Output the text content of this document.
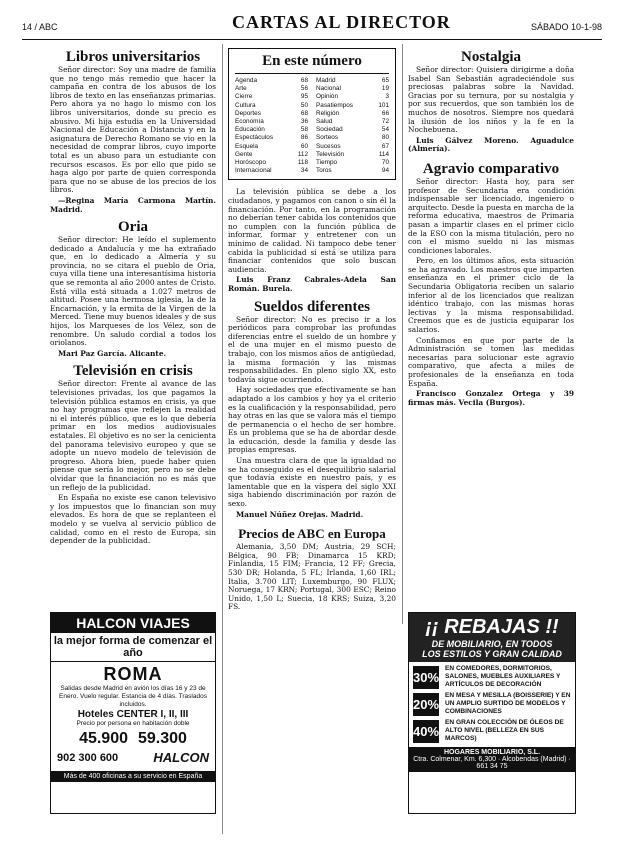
14 / ABC	CARTAS AL DIRECTOR	SÁBADO 10-1-98
Libros universitarios

Señor director: Soy una madre de familia que no tengo más remedio que hacer la campaña en contra de los abusos de los libros de texto en las enseñanzas primarias. Pero ahora ya no hago lo mismo con los libros universitarios, donde su precio es abusivo. Mi hija estudia en la Universidad Nacional de Educación a Distancia y en la asignatura de Derecho Romano se vio en la necesidad de comprar libros, cuyo importe total es un abuso para un estudiante con recursos escasos. Es por ello que pido se haga algo por parte de quien corresponda para que no se abuse de los precios de los libros.

—Regina María Carmona Martín. Madrid.

Oria

Señor director: He leído el suplemento dedicado a Andalucía y me ha extrañado que, en lo dedicado a Almería y su provincia, no se citara el pueblo de Oria, cuya villa tiene una interesantísima historia que se remonta al año 2000 antes de Cristo. Está villa está situada a 1.027 metros de altitud. Posee una hermosa iglesia, la de la Encarnación, y la ermita de la Virgen de la Merced. Tiene muy buenos ideales y de sus hijos, los Marqueses de los Vélez, son de renombre. Un saludo cordial a todos los oriolanos.

Mari Paz García. Alicante.

Televisión en crisis

Señor director: Frente al avance de las televisiones privadas, los que pagamos la televisión pública estamos en crisis, ya que no hay programas que reflejen la realidad ni el interés público, que es lo que debería primar en los medios audiovisuales estatales. El objetivo es no ser la cenicienta del panorama televisivo europeo y que se adopte un nuevo modelo de televisión de progreso. Ahora bien, puede haber quien piense que sería lo mejor, pero no se debe olvidar que la financiación no es más que un reflejo de la publicidad.

En España no existe ese canon televisivo y los impuestos que lo financian son muy elevados. Es hora de que se replanteen el modelo y se vuelva al servicio público de calidad, como en el resto de Europa, sin depender de la publicidad.

HALCON VIAJES
la mejor forma de comenzar el año
ROMA
Salidas desde Madrid en avión los días 16 y 23 de Enero. Vuelo regular. Estancia de 4 días. Traslados incluidos.
Hoteles CENTER I, II, III
Precio por persona en habitación doble
45.900 59.300
902 300 600	HALCON
Más de 400 oficinas a su servicio en España
En este número
Agenda	68
Arte	56
Cierre	95
Cultura	50
Deportes	68
Economía	36
Educación	58
Espectáculos	86
Esquela	60
Gente	112
Horóscopo	118
Internacional	34
Madrid	65
Nacional	19
Opinión	3
Pasatiempos	101
Religión	66
Salud	72
Sociedad	54
Sorteos	80
Sucesos	67
Televisión	114
Tiempo	70
Toros	94

La televisión pública se debe a los ciudadanos, y pagamos con canon o sin él la financiación. Por tanto, en la programación no deberían tener cabida los contenidos que no cumplen con la función pública de informar, formar y entretener con un mínimo de calidad. Ni tampoco debe tener cabida la publicidad si está se utiliza para financiar contenidos que solo buscan audiencia.

Luis Franz Cabrales-Adela San Román. Burela.

Sueldos diferentes

Señor director: No es preciso ir a los periódicos para comprobar las profundas diferencias entre el sueldo de un hombre y el de una mujer en el mismo puesto de trabajo, con los mismos años de antigüedad, la misma formación y las mismas responsabilidades. En pleno siglo XX, esto todavía sigue ocurriendo.

Hay sociedades que efectivamente se han adaptado a los cambios y hoy ya el criterio es la cualificación y la responsabilidad, pero hay otras en las que se valora más el tiempo de permanencia o el hecho de ser hombre. Es un problema que se ha de abordar desde la educación, desde la familia y desde las propias empresas.

Una muestra clara de que la igualdad no se ha conseguido es el desequilibrio salarial que todavía existe en nuestro país, y es lamentable que en la víspera del siglo XXI siga habiendo discriminación por razón de sexo.

Manuel Núñez Orejas. Madrid.

Precios de ABC en Europa

Alemania, 3,50 DM; Austria, 29 SCH; Bélgica, 90 FB; Dinamarca 15 KRD; Finlandia, 15 FIM; Francia, 12 FF; Grecia, 530 DR; Holanda, 5 FL; Irlanda, 1,60 IRL; Italia, 3.700 LIT; Luxemburgo, 90 FLUX; Noruega, 17 KRN; Portugal, 300 ESC; Reino Unido, 1,50 L; Suecia, 18 KRS; Suiza, 3,20 FS.

Nostalgia

Señor director: Quisiera dirigirme a doña Isabel San Sebastián agradeciéndole sus preciosas palabras sobre la Navidad. Gracias por su ternura, por su nostalgia y por sus recuerdos, que son también los de muchos de nosotros. Siempre nos quedará la ilusión de los niños y la fe en la Nochebuena.

Luis Gálvez Moreno. Aguadulce (Almería).

Agravio comparativo

Señor director: Hasta hoy, para ser profesor de Secundaria era condición indispensable ser licenciado, ingeniero o arquitecto. Desde la puesta en marcha de la reforma educativa, maestros de Primaria pasan a impartir clases en el primer ciclo de la ESO con la misma titulación, pero no con el mismo sueldo ni las mismas condiciones laborales.

Pero, en los últimos años, esta situación se ha agravado. Los maestros que imparten enseñanza en el primer ciclo de la Secundaria Obligatoria reciben un salario inferior al de los licenciados que realizan idéntico trabajo, con las mismas horas lectivas y la misma responsabilidad. Creemos que es de justicia equiparar los salarios.

Confiamos en que por parte de la Administración se tomen las medidas necesarias para solucionar este agravio comparativo, que afecta a miles de profesionales de la enseñanza en toda España.

Francisco Gonzalez Ortega y 39 firmas más. Vecila (Burgos).

¡¡ REBAJAS !!
DE MOBILIARIO, EN TODOS
LOS ESTILOS Y GRAN CALIDAD
30%
EN COMEDORES, DORMITORIOS, SALONES, MUEBLES AUXILIARES Y ARTÍCULOS DE DECORACIÓN
20%
EN MESA Y MESILLA (BOISSERIE) Y EN UN AMPLIO SURTIDO DE MODELOS Y COMBINACIONES
40%
EN GRAN COLECCIÓN DE ÓLEOS DE ALTO NIVEL (BELLEZA EN SUS MARCOS)
HOGARES MOBILIARIO, S.L.
Ctra. Colmenar, Km. 6,300 · Alcobendas (Madrid) · 661 34 75
